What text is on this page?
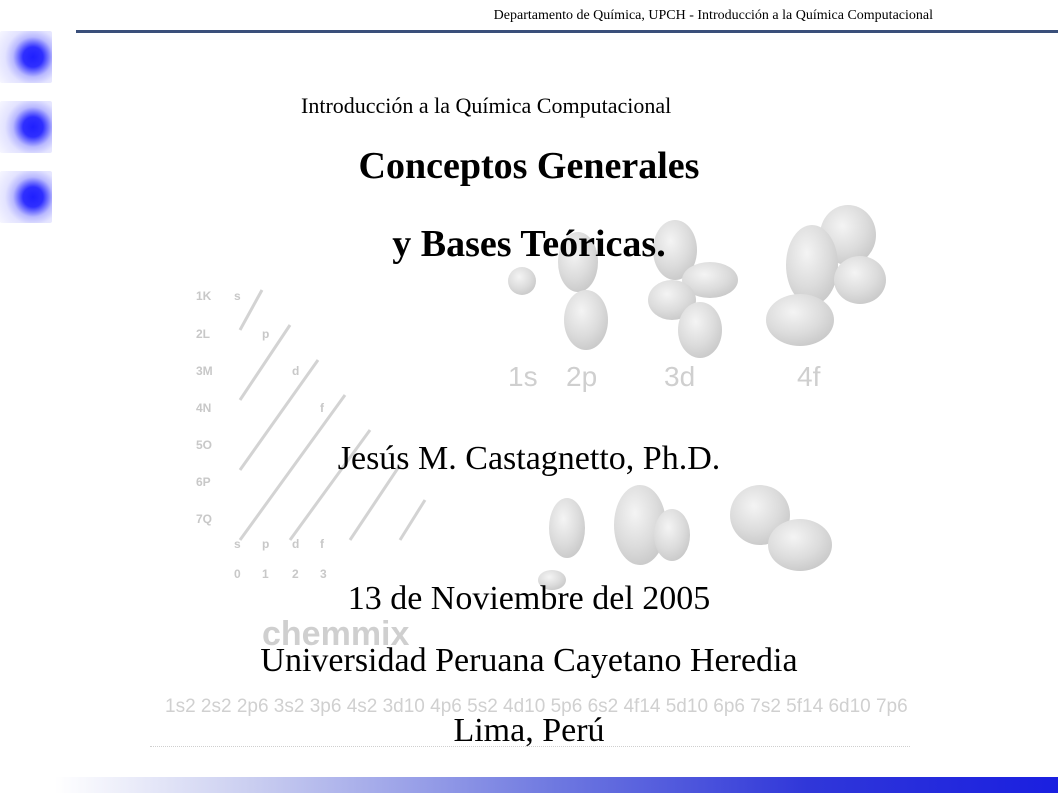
1s 2p 3d	4f
1K
2L
3M
4N
5O
6P
7Q
s
p
d
f
s p d f
0 1 2 3
chemmix
1s2 2s2 2p6 3s2 3p6 4s2 3d10 4p6 5s2 4d10 5p6 6s2 4f14 5d10 6p6 7s2 5f14 6d10 7p6
Departamento de Química, UPCH - Introducción a la Química Computacional
Introducción a la Química Computacional
Conceptos Generales
y Bases Teóricas.
Jesús M. Castagnetto, Ph.D.
13 de Noviembre del 2005
Universidad Peruana Cayetano Heredia
Lima, Perú
